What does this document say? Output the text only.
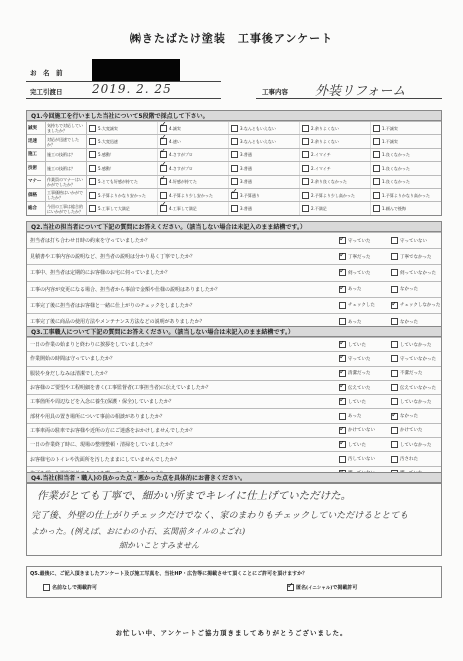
㈱きたばたけ塗装　工事後アンケート
お　名　前
完工引渡日 2019. 2. 25	工事内容 外装リフォーム
Q1.今回施工を行いました当社について5段階で採点して下さい。
誠実	気持ちで対応していましたか？	5.大変誠実 ✓	4.誠実	3.なんともいえない	2.余りよくない	1.不誠実
迅速	対応が迅速でしたか？	5.大変迅速 ✓	4.速い	3.なんともいえない	2.余りよくない	1.不誠実
施工	施工の技術は？	5.感動！ ✓	4.さすがプロ	3.普通	2.イマイチ	1.良くなかった
技術	施工の技術は？	5.感動！ ✓	4.さすがプロ	3.普通	2.イマイチ	1.良くなかった
マナー	作業員のマナーはいかがでしたか？	5.とても好感が持てた ✓	4.好感が持てた	3.普通	2.余り良くなかった	1.良くなかった
価格	工事価格はいかがでしたか？	5.予算よりかなり安かった	4.予算より少し安かった ✓	3.予算通り	2.予算より少し高かった	1.予算よりかなり高かった
総合	今回の工事は総合的にいかがでしたか？	5.工事して大満足 ✓	4.工事して満足	3.普通	2.不満足	1.頼んで後悔
Q2.当社の担当者について下記の質問にお答えください。（該当しない場合は未記入のまま結構です。）
担当者は打ち合わせ日時の約束を守っていましたか？ ✓	守っていた	守っていない
見積書や工事内容の説明など、担当者の説明は分かり易く丁寧でしたか？ ✓	丁寧だった	丁寧でなかった
工事中、担当者は定期的にお客様のお宅に伺っていましたか？ ✓	伺っていた	伺っていなかった
工事の内容が変更になる場合、担当者から事前で金額や仕様の説明はありましたか？ ✓	あった	なかった
工事完了後に担当者はお客様と一緒に仕上がりのチェックをしましたか？	チェックした ✓	チェックしなかった
工事完了後に商品の使用方法やメンテナンス方法などの説明がありましたか？	あった	なかった
Q3.工事職人について下記の質問にお答えください。（該当しない場合は未記入のまま結構です。）
一日の作業の始まりと終わりに挨拶をしていましたか？ ✓	していた	していなかった
作業開始の時間は守っていましたか？ ✓	守っていた	守っていなかった
服装や身だしなみは清潔でしたか？ ✓	清潔だった	不潔だった
お客様のご要望や工程明細を書く(工事監督者(工事担当者)に伝えていましたか？ ✓	伝えていた	伝えていなかった
工事箇所や周辺などを入念に養生(保護・保全)していましたか？ ✓	していた	していなかった
部材や用具の置き場所について事前の相談がありましたか？	あった ✓	なかった
工事車両の駐車でお客様や近所の方にご迷惑をおかけしませんでしたか？ ✓	かけていない	かけていた
一日の作業終了時に、現場の整理整頓・清掃をしていましたか？ ✓	していた	していなかった
お客様宅のトイレや洗面所を汚したままにしていませんでしたか？	汚していない	汚された
✓
Q4.当社(担当者・職人)の良かった点・悪かった点を具体的にお書きください。
作業がとても丁寧で、細かい所までキレイに仕上げていただけた。
完了後、外壁の仕上がりチェックだけでなく、家のまわりもチェックしていただけるととても
よかった。(例えば、おにわの小石、玄関前タイルのよごれ)
細かいことすみません
Q5.最後に、ご記入頂きましたアンケート及び施工写真を、当社HP・広告等に掲載させて頂くことにご許可を頂けますか？
名前なしで掲載許可 ✓	匿名 (イニシャル) で掲載許可
お忙しい中、アンケートご協力頂きましてありがとうございました。
